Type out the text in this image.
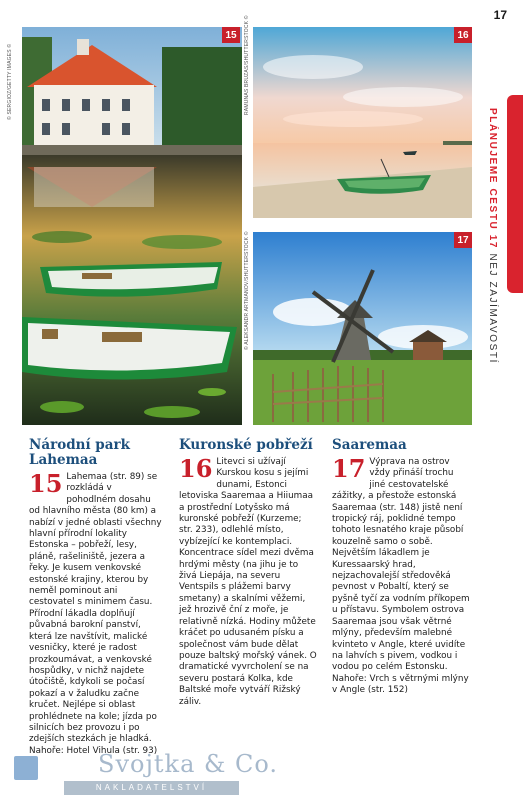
17
PLÁNUJEME CESTU 17 NEJ ZAJÍMAVOSTÍ
15
© SERGIOZ/GETTY IMAGES ©
16
RAMUNAS BRUZAS/SHUTTERSTOCK ©
17
© ALEKSANDR ARTMANOV/SHUTTERSTOCK ©
Národní park Lahemaa

15 Lahemaa (str. 89) se rozkládá v pohodlném dosahu od hlavního města (80 km) a nabízí v jedné oblasti všechny hlavní přírodní lokality Estonska – pobřeží, lesy, pláně, rašeliniště, jezera a řeky. Je kusem venkovské estonské krajiny, kterou by neměl pominout ani cestovatel s minimem času. Přírodní lákadla doplňují půvabná barokní panství, která lze navštívit, malické vesničky, které je radost prozkoumávat, a venkovské hospůdky, v nichž najdete útočiště, kdykoli se počasí pokazí a v žaludku začne kručet. Nejlépe si oblast prohlédnete na kole; jízda po silnicích bez provozu i po zdejších stezkách je hladká. Nahoře: Hotel Vihula (str. 93)

Kuronské pobřeží

16 Litevci si užívají Kurskou kosu s jejími dunami, Estonci letoviska Saaremaa a Hiiumaa a prostřední Lotyšsko má kuronské pobřeží (Kurzeme; str. 233), odlehlé místo, vybízející ke kontemplaci. Koncentrace sídel mezi dvěma hrdými městy (na jihu je to živá Liepája, na severu Ventspils s plážemi barvy smetany) a skalními věžemi, jež hrozivě ční z moře, je relativně nízká. Hodiny můžete kráčet po udusaném písku a společnost vám bude dělat pouze baltský mořský vánek. O dramatické vyvrcholení se na severu postará Kolka, kde Baltské moře vytváří Rižský záliv.

Saaremaa

17 Výprava na ostrov vždy přináší trochu jiné cestovatelské zážitky, a přestože estonská Saaremaa (str. 148) jistě není tropický ráj, poklidné tempo tohoto lesnatého kraje působí kouzelně samo o sobě. Největším lákadlem je Kuressaarský hrad, nejzachovalejší středověká pevnost v Pobaltí, který se pyšně tyčí za vodním příkopem u přístavu. Symbolem ostrova Saaremaa jsou však větrné mlýny, především malebné kvinteto v Angle, které uvidíte na lahvích s pivem, vodkou i vodou po celém Estonsku. Nahoře: Vrch s větrnými mlýny v Angle (str. 152)

Svojtka & Co.
NAKLADATELSTVÍ
